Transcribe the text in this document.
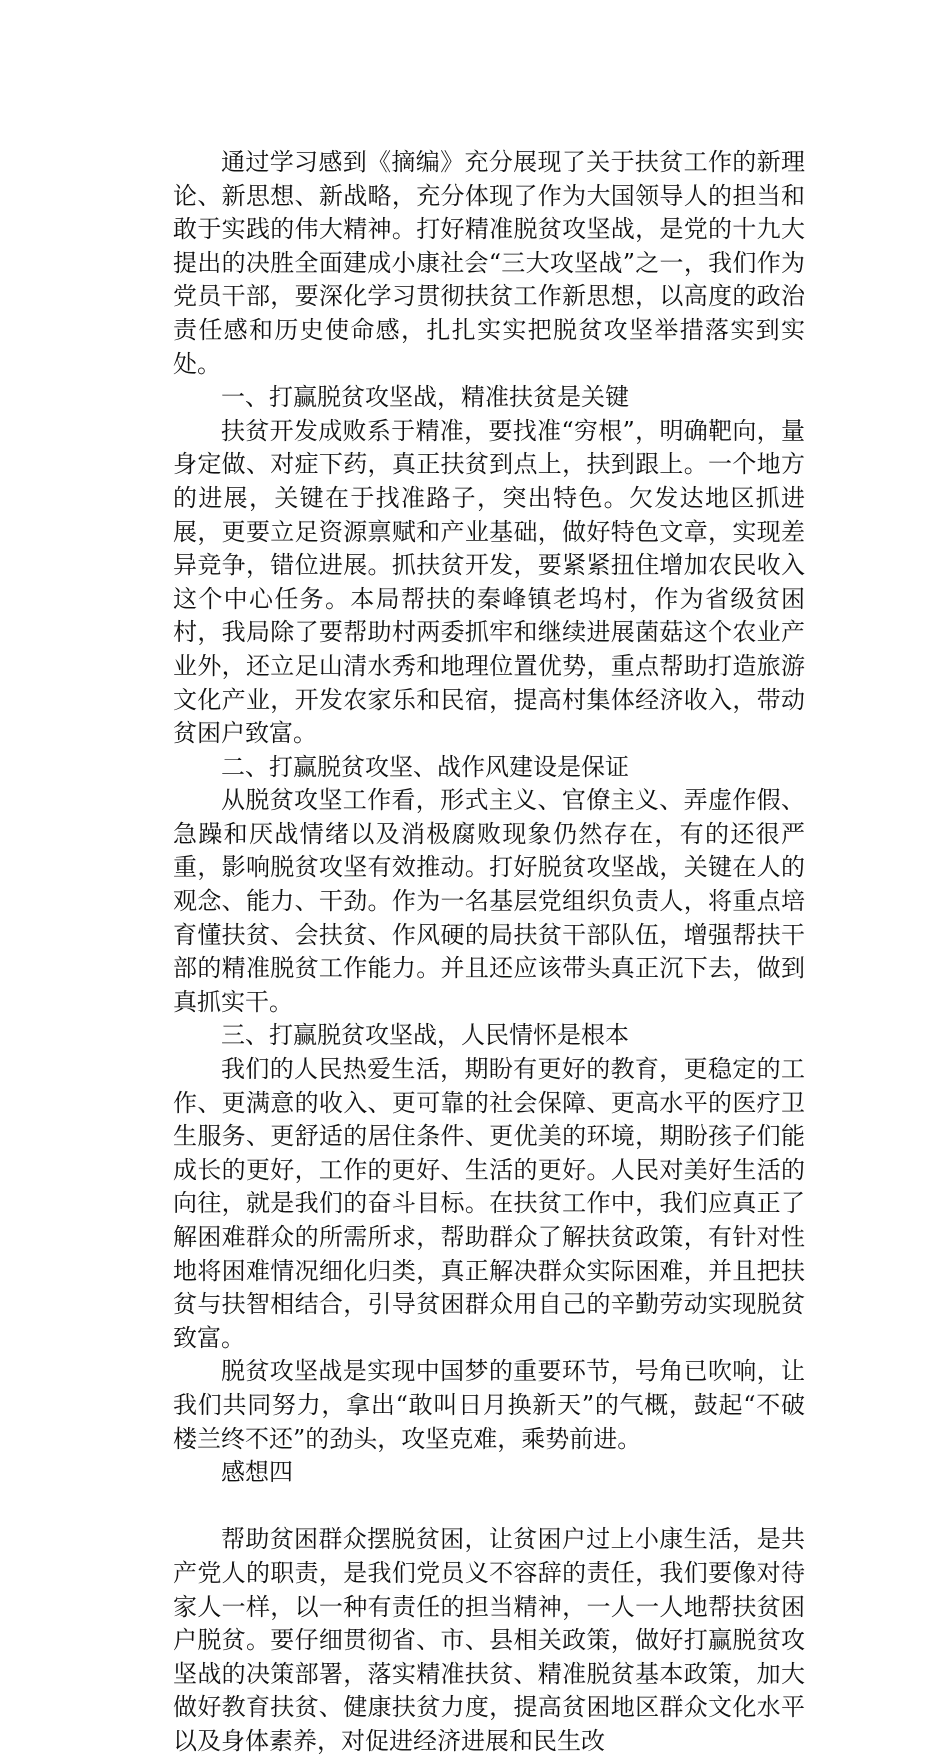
通过学习感到《摘编》充分展现了关于扶贫工作的新理论、新思想、新战略，充分体现了作为大国领导人的担当和敢于实践的伟大精神。打好精准脱贫攻坚战，是党的十九大提出的决胜全面建成小康社会“三大攻坚战”之一，我们作为党员干部，要深化学习贯彻扶贫工作新思想，以高度的政治责任感和历史使命感，扎扎实实把脱贫攻坚举措落实到实处。

一、打赢脱贫攻坚战，精准扶贫是关键

扶贫开发成败系于精准，要找准“穷根”，明确靶向，量身定做、对症下药，真正扶贫到点上，扶到跟上。一个地方的进展，关键在于找准路子，突出特色。欠发达地区抓进展，更要立足资源禀赋和产业基础，做好特色文章，实现差异竞争，错位进展。抓扶贫开发，要紧紧扭住增加农民收入这个中心任务。本局帮扶的秦峰镇老坞村，作为省级贫困村，我局除了要帮助村两委抓牢和继续进展菌菇这个农业产业外，还立足山清水秀和地理位置优势，重点帮助打造旅游文化产业，开发农家乐和民宿，提高村集体经济收入，带动贫困户致富。

二、打赢脱贫攻坚、战作风建设是保证

从脱贫攻坚工作看，形式主义、官僚主义、弄虚作假、急躁和厌战情绪以及消极腐败现象仍然存在，有的还很严重，影响脱贫攻坚有效推动。打好脱贫攻坚战，关键在人的观念、能力、干劲。作为一名基层党组织负责人，将重点培育懂扶贫、会扶贫、作风硬的局扶贫干部队伍，增强帮扶干部的精准脱贫工作能力。并且还应该带头真正沉下去，做到真抓实干。

三、打赢脱贫攻坚战，人民情怀是根本

我们的人民热爱生活，期盼有更好的教育，更稳定的工作、更满意的收入、更可靠的社会保障、更高水平的医疗卫生服务、更舒适的居住条件、更优美的环境，期盼孩子们能成长的更好，工作的更好、生活的更好。人民对美好生活的向往，就是我们的奋斗目标。在扶贫工作中，我们应真正了解困难群众的所需所求，帮助群众了解扶贫政策，有针对性地将困难情况细化归类，真正解决群众实际困难，并且把扶贫与扶智相结合，引导贫困群众用自己的辛勤劳动实现脱贫致富。

脱贫攻坚战是实现中国梦的重要环节，号角已吹响，让我们共同努力，拿出“敢叫日月换新天”的气概，鼓起“不破楼兰终不还”的劲头，攻坚克难，乘势前进。

感想四

帮助贫困群众摆脱贫困，让贫困户过上小康生活，是共产党人的职责，是我们党员义不容辞的责任，我们要像对待家人一样，以一种有责任的担当精神，一人一人地帮扶贫困户脱贫。要仔细贯彻省、市、县相关政策，做好打赢脱贫攻坚战的决策部署，落实精准扶贫、精准脱贫基本政策，加大做好教育扶贫、健康扶贫力度，提高贫困地区群众文化水平以及身体素养，对促进经济进展和民生改
